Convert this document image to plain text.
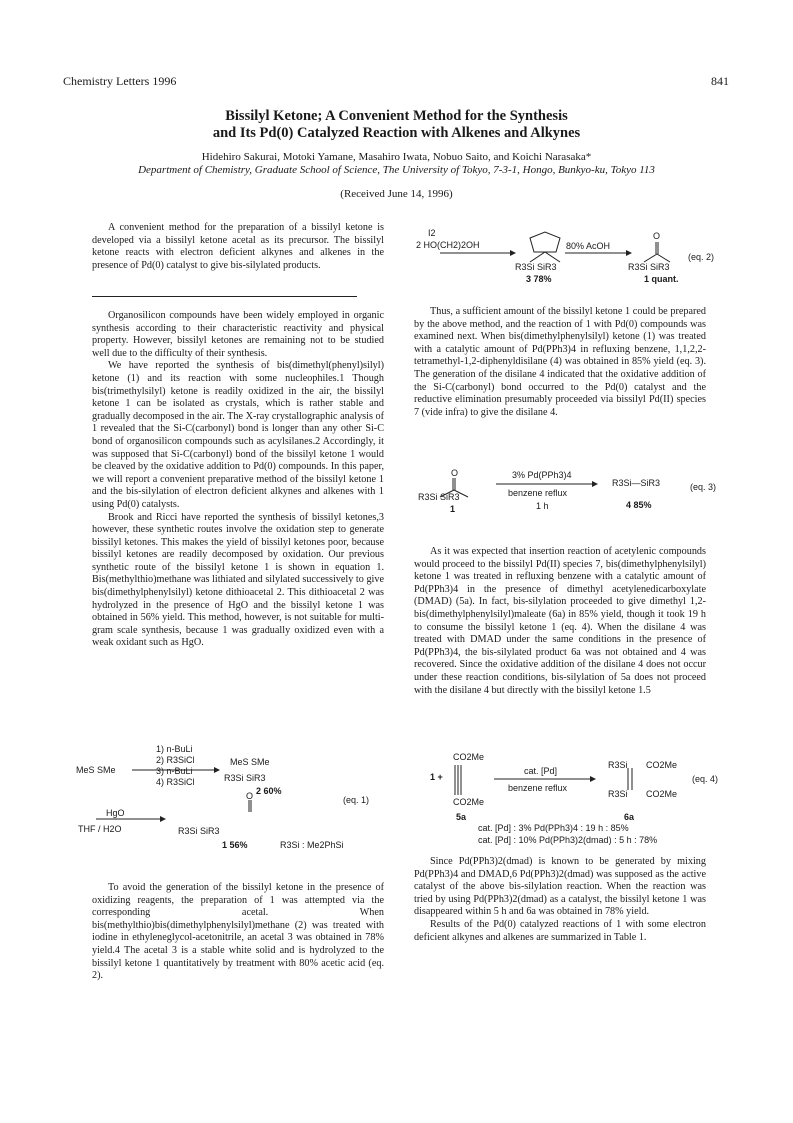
Chemistry Letters 1996	841
Bissilyl Ketone; A Convenient Method for the Synthesis
and Its Pd(0) Catalyzed Reaction with Alkenes and Alkynes
Hidehiro Sakurai, Motoki Yamane, Masahiro Iwata, Nobuo Saito, and Koichi Narasaka*
Department of Chemistry, Graduate School of Science, The University of Tokyo, 7-3-1, Hongo, Bunkyo-ku, Tokyo 113
(Received June 14, 1996)

A convenient method for the preparation of a bissilyl ketone is developed via a bissilyl ketone acetal as its precursor. The bissilyl ketone reacts with electron deficient alkynes and alkenes in the presence of Pd(0) catalyst to give bis-silylated products.

Organosilicon compounds have been widely employed in organic synthesis according to their characteristic reactivity and physical property. However, bissilyl ketones are remaining not to be studied well due to the difficulty of their synthesis.

We have reported the synthesis of bis(dimethyl(phenyl)silyl) ketone (1) and its reaction with some nucleophiles.1 Though bis(trimethylsilyl) ketone is readily oxidized in the air, the bissilyl ketone 1 can be isolated as crystals, which is rather stable and gradually decomposed in the air. The X-ray crystallographic analysis of 1 revealed that the Si-C(carbonyl) bond is longer than any other Si-C bond of organosilicon compounds such as acylsilanes.2 Accordingly, it was supposed that Si-C(carbonyl) bond of the bissilyl ketone 1 would be cleaved by the oxidative addition to Pd(0) compounds. In this paper, we will report a convenient preparative method of the bissilyl ketone 1 and the bis-silylation of electron deficient alkynes and alkenes with 1 using Pd(0) catalysts.

Brook and Ricci have reported the synthesis of bissilyl ketones,3 however, these synthetic routes involve the oxidation step to generate bissilyl ketones. This makes the yield of bissilyl ketones poor, because bissilyl ketones are readily decomposed by oxidation. Our previous synthetic route of the bissilyl ketone 1 is shown in equation 1. Bis(methylthio)methane was lithiated and silylated successively to give bis(dimethylphenylsilyl) ketone dithioacetal 2. This dithioacetal 2 was hydrolyzed in the presence of HgO and the bissilyl ketone 1 was obtained in 56% yield. This method, however, is not suitable for multi-gram scale synthesis, because 1 was gradually oxidized even with a weak oxidant such as HgO.

To avoid the generation of the bissilyl ketone in the presence of oxidizing reagents, the preparation of 1 was attempted via the corresponding acetal. When bis(methylthio)bis(dimethylphenylsilyl)methane (2) was treated with iodine in ethyleneglycol-acetonitrile, an acetal 3 was obtained in 78% yield.4 The acetal 3 is a stable white solid and is hydrolyzed to the bissilyl ketone 1 quantitatively by treatment with 80% acetic acid (eq. 2).

Thus, a sufficient amount of the bissilyl ketone 1 could be prepared by the above method, and the reaction of 1 with Pd(0) compounds was examined next. When bis(dimethylphenylsilyl) ketone (1) was treated with a catalytic amount of Pd(PPh3)4 in refluxing benzene, 1,1,2,2-tetramethyl-1,2-diphenyldisilane (4) was obtained in 85% yield (eq. 3). The generation of the disilane 4 indicated that the oxidative addition of the Si-C(carbonyl) bond occurred to the Pd(0) catalyst and the reductive elimination presumably proceeded via bissilyl Pd(II) species 7 (vide infra) to give the disilane 4.

As it was expected that insertion reaction of acetylenic compounds would proceed to the bissilyl Pd(II) species 7, bis(dimethylphenylsilyl) ketone 1 was treated in refluxing benzene with a catalytic amount of Pd(PPh3)4 in the presence of dimethyl acetylenedicarboxylate (DMAD) (5a). In fact, bis-silylation proceeded to give dimethyl 1,2-bis(dimethylphenylsilyl)maleate (6a) in 85% yield, though it took 19 h to consume the bissilyl ketone 1 (eq. 4). When the disilane 4 was treated with DMAD under the same conditions in the presence of Pd(PPh3)4, the bis-silylated product 6a was not obtained and 4 was recovered. Since the oxidative addition of the disilane 4 does not occur under these reaction conditions, bis-silylation of 5a does not proceed with the disilane 4 but directly with the bissilyl ketone 1.5

Since Pd(PPh3)2(dmad) is known to be generated by mixing Pd(PPh3)4 and DMAD,6 Pd(PPh3)2(dmad) was supposed as the active catalyst of the above bis-silylation reaction. When the reaction was tried by using Pd(PPh3)2(dmad) as a catalyst, the bissilyl ketone 1 was disappeared within 5 h and 6a was obtained in 78% yield.

Results of the Pd(0) catalyzed reactions of 1 with some electron deficient alkynes and alkenes are summarized in Table 1.

1) n-BuLi
2) R3SiCl
3) n-BuLi
4) R3SiCl
MeS SMe
MeS SMe
R3Si SiR3
2 60%
(eq. 1)
HgO
THF / H2O
O
R3Si SiR3
1 56%	R3Si : Me2PhSi
I2
2 HO(CH2)2OH
R3Si SiR3
3 78%
80% AcOH
O
R3Si SiR3
1 quant.
(eq. 2)
O
R3Si SiR3
1
3% Pd(PPh3)4
benzene reflux
1 h
R3Si—SiR3
4 85%
(eq. 3)
1 +
CO2Me
CO2Me
5a
cat. [Pd]
benzene reflux
R3Si CO2Me
R3Si CO2Me
6a
(eq. 4)
cat. [Pd] : 3% Pd(PPh3)4 : 19 h : 85%
cat. [Pd] : 10% Pd(PPh3)2(dmad) : 5 h : 78%
